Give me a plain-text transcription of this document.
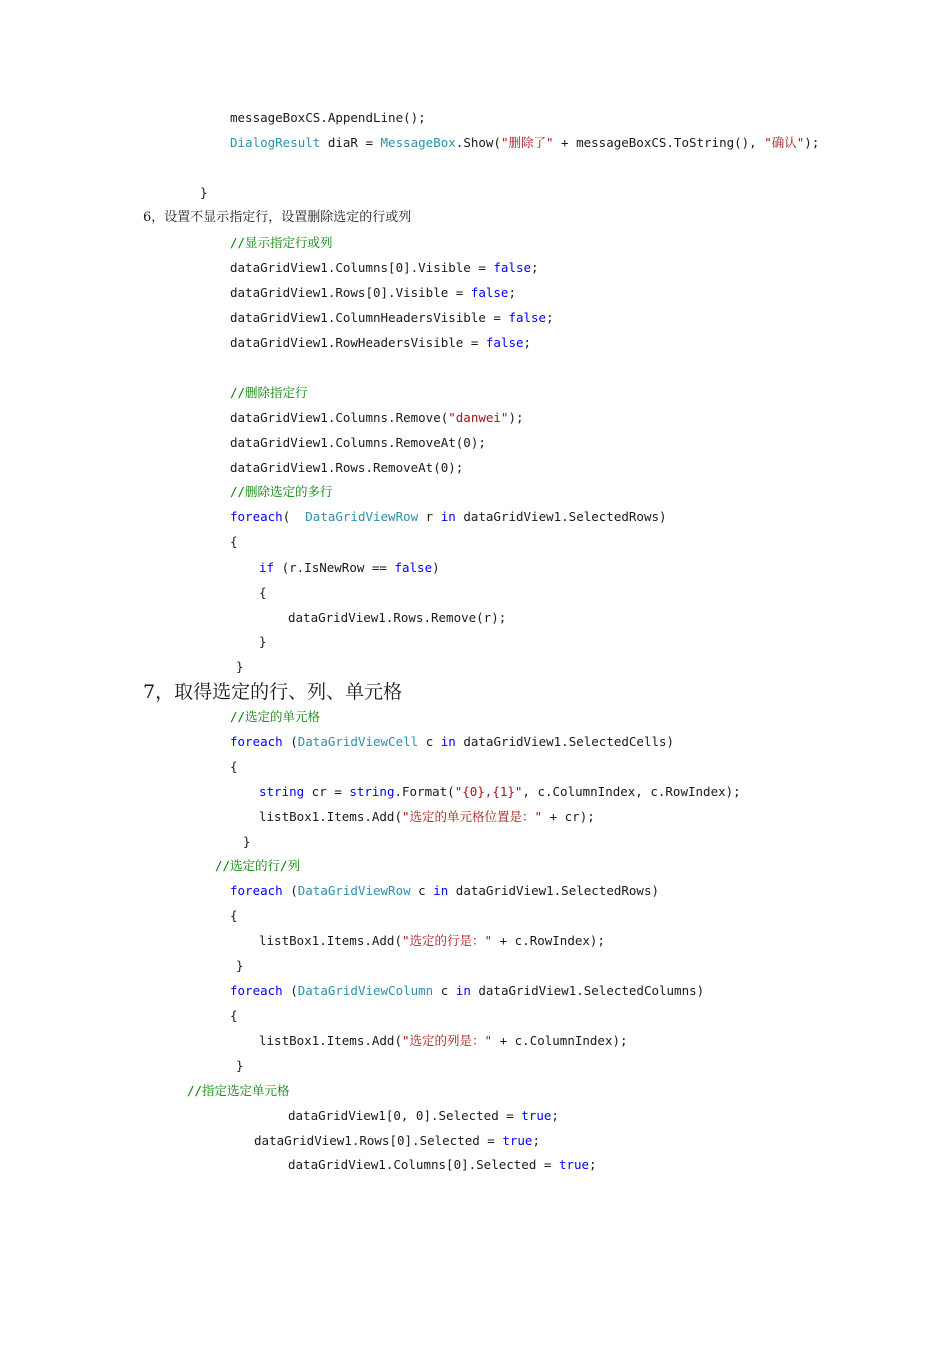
messageBoxCS.AppendLine();
DialogResult diaR = MessageBox.Show("删除了" + messageBoxCS.ToString(), "确认");
}
6，设置不显示指定行，设置删除选定的行或列
//显示指定行或列
dataGridView1.Columns[0].Visible = false;
dataGridView1.Rows[0].Visible = false;
dataGridView1.ColumnHeadersVisible = false;
dataGridView1.RowHeadersVisible = false;
//删除指定行
dataGridView1.Columns.Remove("danwei");
dataGridView1.Columns.RemoveAt(0);
dataGridView1.Rows.RemoveAt(0);
//删除选定的多行
foreach(  DataGridViewRow r in dataGridView1.SelectedRows)
{
if (r.IsNewRow == false)
{
dataGridView1.Rows.Remove(r);
}
}
7，取得选定的行、列、单元格
//选定的单元格
foreach (DataGridViewCell c in dataGridView1.SelectedCells)
{
string cr = string.Format("{0},{1}", c.ColumnIndex, c.RowIndex);
listBox1.Items.Add("选定的单元格位置是：" + cr);
}
//选定的行/列
foreach (DataGridViewRow c in dataGridView1.SelectedRows)
{
listBox1.Items.Add("选定的行是：" + c.RowIndex);
}
foreach (DataGridViewColumn c in dataGridView1.SelectedColumns)
{
listBox1.Items.Add("选定的列是：" + c.ColumnIndex);
}
//指定选定单元格
dataGridView1[0, 0].Selected = true;
dataGridView1.Rows[0].Selected = true;
dataGridView1.Columns[0].Selected = true;
